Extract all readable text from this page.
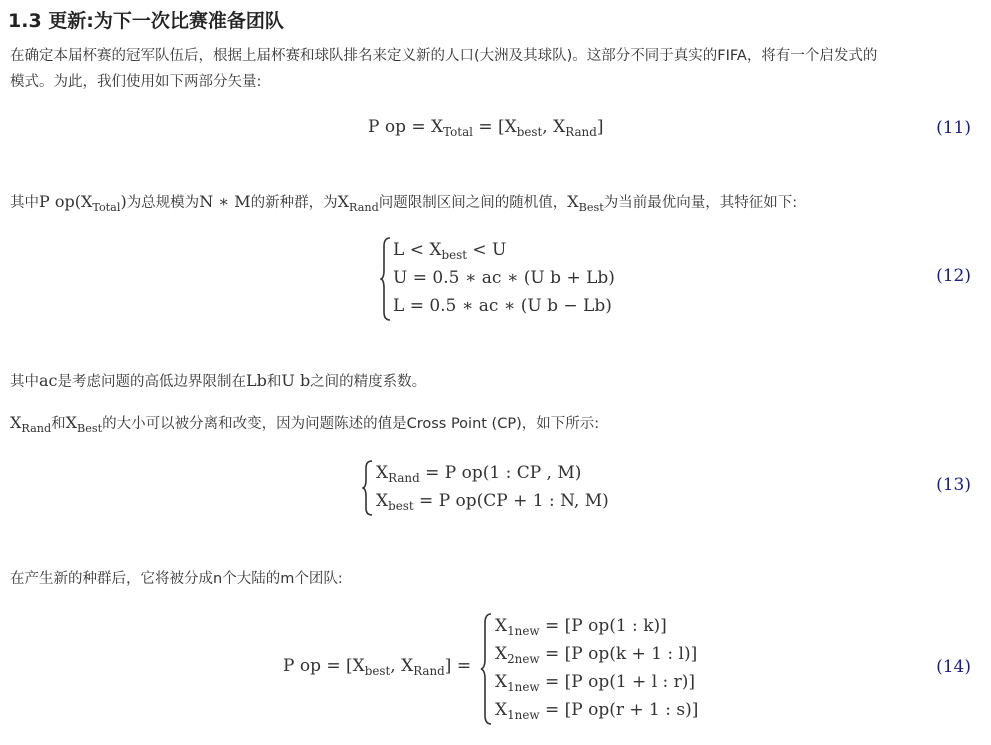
1.3 更新:为下一次比赛准备团队
在确定本届杯赛的冠军队伍后，根据上届杯赛和球队排名来定义新的人口(大洲及其球队)。这部分不同于真实的FIFA，将有一个启发式的
模式。为此，我们使用如下两部分矢量:
P op = $X_{Total} = [X_{best}$, $X_{Rand}$]	(11)
其中P $op(X_{Total})$为总规模为N ∗ M的新种群，为$X_{Rand}$问题限制区间之间的随机值，$X_{Best}$为当前最优向量，其特征如下:
$L < X_{best} < U$
U = 0.5 ∗ ac ∗ (U b + Lb)
L = 0.5 ∗ ac ∗ (U b − Lb)
(12)
其中ac是考虑问题的高低边界限制在Lb和U b之间的精度系数。
$X_{Rand}$和$X_{Best}$的大小可以被分离和改变，因为问题陈述的值是Cross Point (CP)，如下所示:
$X_{Rand} = P$ op(1 : CP , M)
$X_{best} = P$ op(CP + 1 : N, M)
(13)
在产生新的种群后，它将被分成n个大陆的m个团队:
P op = [$X_{best}$, $X_{Rand}$] =
$X_{1new} = [P$ op(1 : k)]
$X_{2new} = [P$ op(k + 1 : l)]
$X_{1new} = [P$ op(1 + l : r)]
$X_{1new} = [P$ op(r + 1 : s)]
(14)
